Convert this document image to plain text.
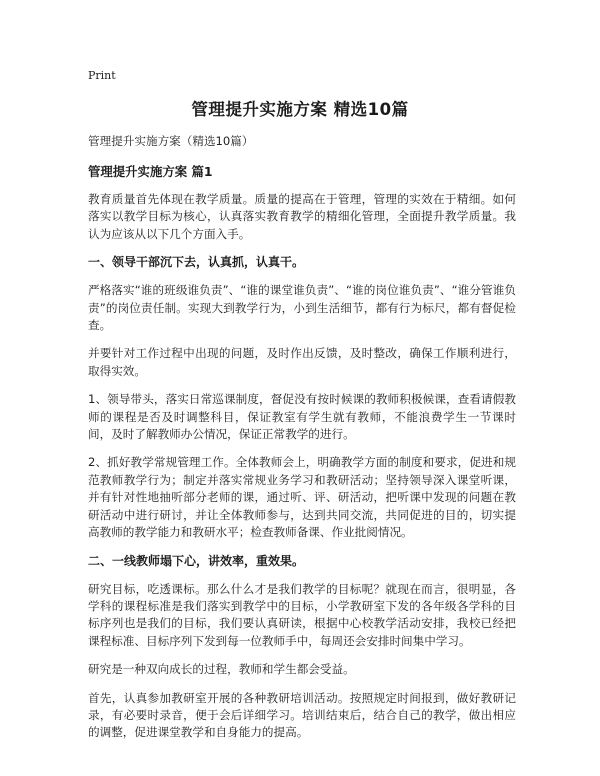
Print
管理提升实施方案 精选10篇
管理提升实施方案（精选10篇）
管理提升实施方案 篇1

教育质量首先体现在教学质量。质量的提高在于管理，管理的实效在于精细。如何落实以教学目标为核心，认真落实教育教学的精细化管理，全面提升教学质量。我认为应该从以下几个方面入手。

一、领导干部沉下去，认真抓，认真干。

严格落实“谁的班级谁负责”、“谁的课堂谁负责”、“谁的岗位谁负责”、“谁分管谁负责”的岗位责任制。实现大到教学行为，小到生活细节，都有行为标尺，都有督促检查。

并要针对工作过程中出现的问题，及时作出反馈，及时整改，确保工作顺利进行，取得实效。

1、领导带头，落实日常巡课制度，督促没有按时候课的教师积极候课，查看请假教师的课程是否及时调整科目，保证教室有学生就有教师，不能浪费学生一节课时间，及时了解教师办公情况，保证正常教学的进行。

2、抓好教学常规管理工作。全体教师会上，明确教学方面的制度和要求，促进和规范教师教学行为；制定并落实常规业务学习和教研活动；坚持领导深入课堂听课，并有针对性地抽听部分老师的课，通过听、评、研活动，把听课中发现的问题在教研活动中进行研讨，并让全体教师参与，达到共同交流，共同促进的目的，切实提高教师的教学能力和教研水平；检查教师备课、作业批阅情况。

二、一线教师塌下心，讲效率，重效果。

研究目标，吃透课标。那么什么才是我们教学的目标呢？就现在而言，很明显，各学科的课程标准是我们落实到教学中的目标，小学教研室下发的各年级各学科的目标序列也是我们的目标，我们要认真研读，根据中心校教学活动安排，我校已经把课程标准、目标序列下发到每一位教师手中，每周还会安排时间集中学习。

研究是一种双向成长的过程，教师和学生都会受益。

首先，认真参加教研室开展的各种教研培训活动。按照规定时间报到，做好教研记录，有必要时录音，便于会后详细学习。培训结束后，结合自己的教学，做出相应的调整，促进课堂教学和自身能力的提高。
